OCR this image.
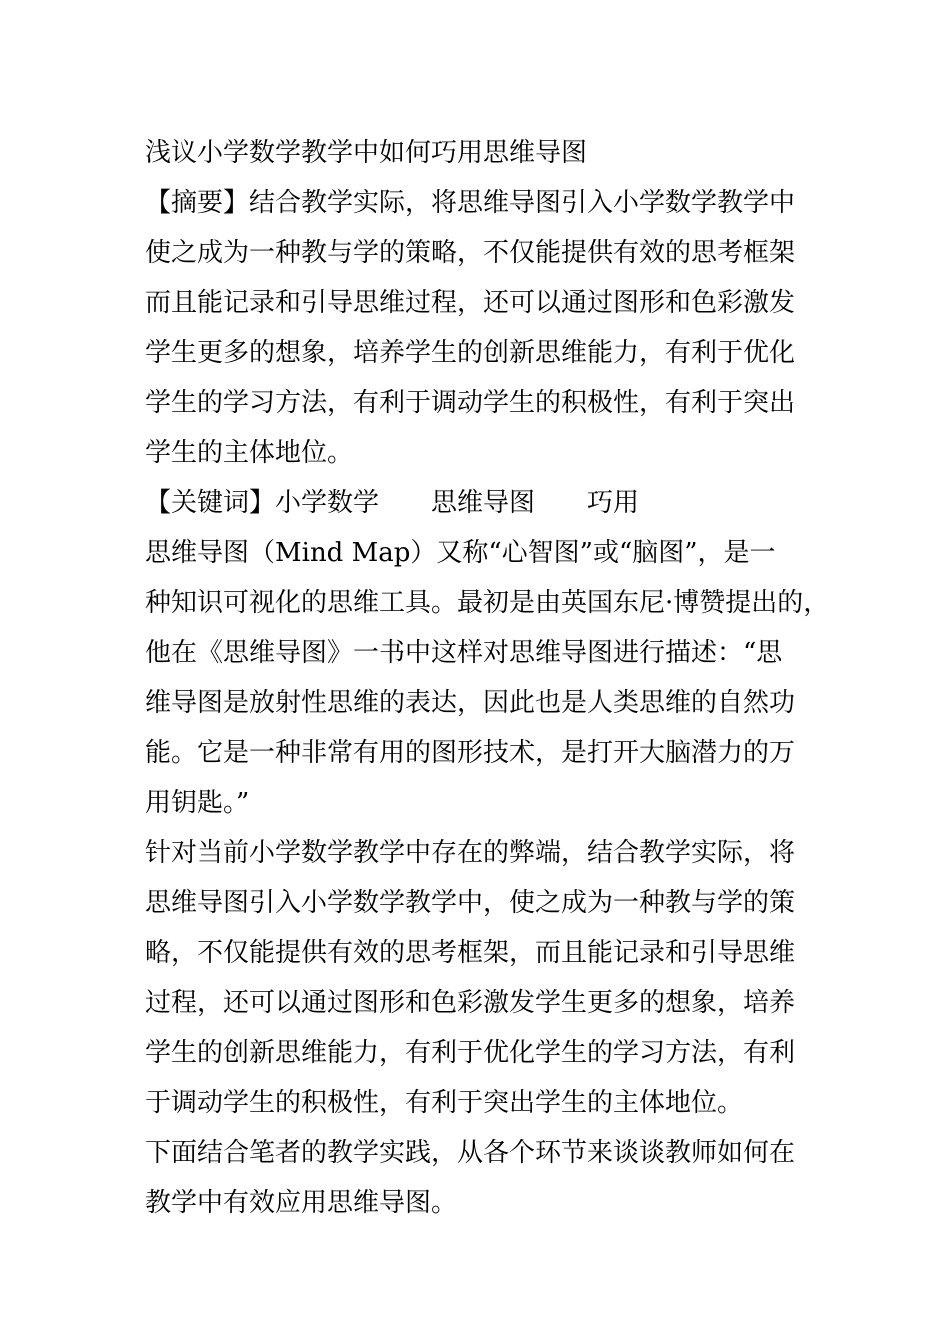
浅议小学数学教学中如何巧用思维导图
【摘要】结合教学实际，将思维导图引入小学数学教学中
使之成为一种教与学的策略，不仅能提供有效的思考框架
而且能记录和引导思维过程，还可以通过图形和色彩激发
学生更多的想象，培养学生的创新思维能力，有利于优化
学生的学习方法，有利于调动学生的积极性，有利于突出
学生的主体地位。
【关键词】小学数学　　思维导图　　巧用
思维导图（Mind Map）又称“心智图”或“脑图”，是一
种知识可视化的思维工具。最初是由英国东尼·博赞提出的，
他在《思维导图》一书中这样对思维导图进行描述：“思
维导图是放射性思维的表达，因此也是人类思维的自然功
能。它是一种非常有用的图形技术，是打开大脑潜力的万
用钥匙。”
针对当前小学数学教学中存在的弊端，结合教学实际，将
思维导图引入小学数学教学中，使之成为一种教与学的策
略，不仅能提供有效的思考框架，而且能记录和引导思维
过程，还可以通过图形和色彩激发学生更多的想象，培养
学生的创新思维能力，有利于优化学生的学习方法，有利
于调动学生的积极性，有利于突出学生的主体地位。
下面结合笔者的教学实践，从各个环节来谈谈教师如何在
教学中有效应用思维导图。
